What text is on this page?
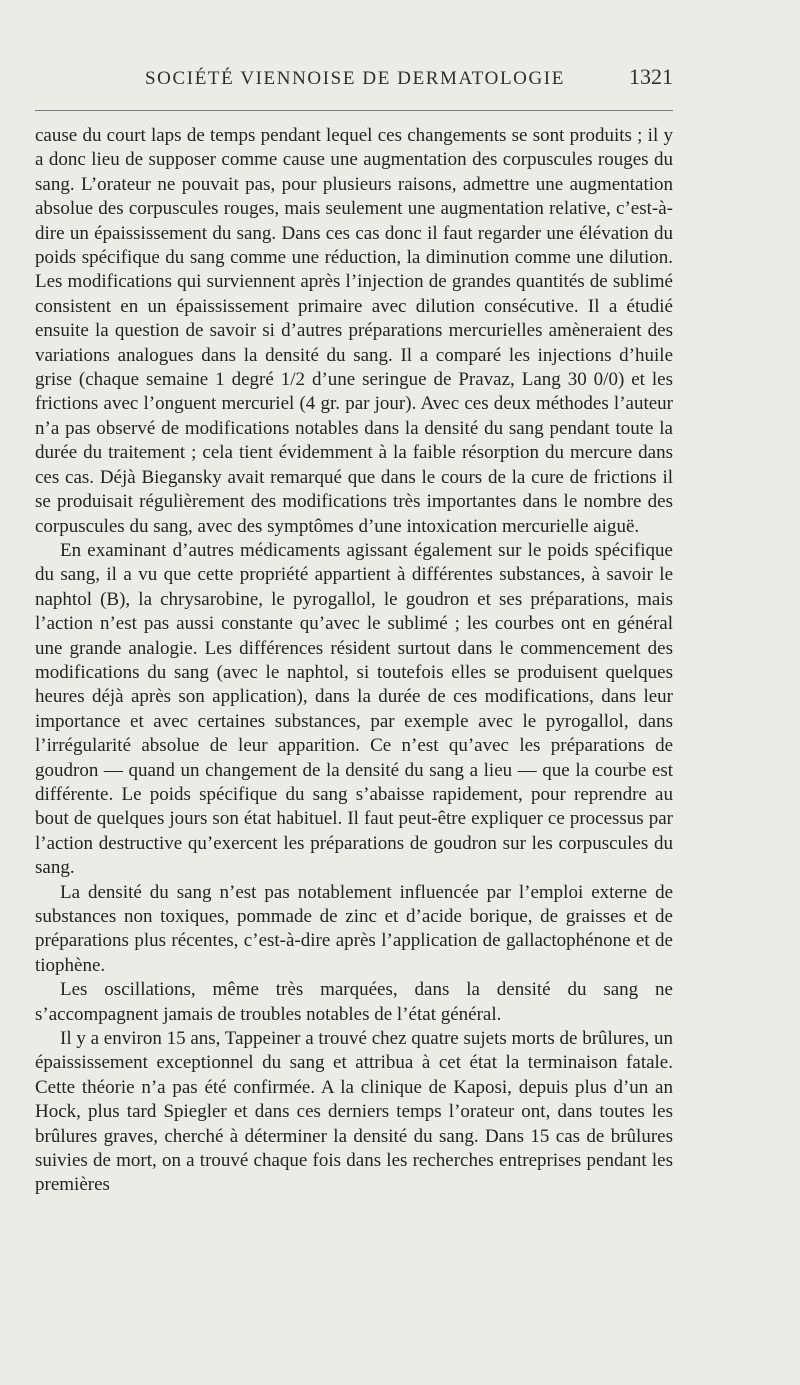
SOCIÉTÉ VIENNOISE DE DERMATOLOGIE	1321

cause du court laps de temps pendant lequel ces changements se sont produits ; il y a donc lieu de supposer comme cause une augmentation des corpuscules rouges du sang. L’orateur ne pouvait pas, pour plusieurs raisons, admettre une augmentation absolue des corpuscules rouges, mais seulement une augmentation relative, c’est-à-dire un épaississement du sang. Dans ces cas donc il faut regarder une élévation du poids spécifique du sang comme une réduction, la diminution comme une dilution. Les modifications qui surviennent après l’injection de grandes quantités de sublimé consistent en un épaississement primaire avec dilution consécutive. Il a étudié ensuite la question de savoir si d’autres préparations mercurielles amèneraient des variations analogues dans la densité du sang. Il a comparé les injections d’huile grise (chaque semaine 1 degré 1/2 d’une seringue de Pravaz, Lang 30 0/0) et les frictions avec l’onguent mercuriel (4 gr. par jour). Avec ces deux méthodes l’auteur n’a pas observé de modifications notables dans la densité du sang pendant toute la durée du traitement ; cela tient évidemment à la faible résorption du mercure dans ces cas. Déjà Biegansky avait remarqué que dans le cours de la cure de frictions il se produisait régulièrement des modifications très importantes dans le nombre des corpuscules du sang, avec des symptômes d’une intoxication mercurielle aiguë.

En examinant d’autres médicaments agissant également sur le poids spécifique du sang, il a vu que cette propriété appartient à différentes substances, à savoir le naphtol (B), la chrysarobine, le pyrogallol, le goudron et ses préparations, mais l’action n’est pas aussi constante qu’avec le sublimé ; les courbes ont en général une grande analogie. Les différences résident surtout dans le commencement des modifications du sang (avec le naphtol, si toutefois elles se produisent quelques heures déjà après son application), dans la durée de ces modifications, dans leur importance et avec certaines substances, par exemple avec le pyrogallol, dans l’irrégularité absolue de leur apparition. Ce n’est qu’avec les préparations de goudron — quand un changement de la densité du sang a lieu — que la courbe est différente. Le poids spécifique du sang s’abaisse rapidement, pour reprendre au bout de quelques jours son état habituel. Il faut peut-être expliquer ce processus par l’action destructive qu’exercent les préparations de goudron sur les corpuscules du sang.

La densité du sang n’est pas notablement influencée par l’emploi externe de substances non toxiques, pommade de zinc et d’acide borique, de graisses et de préparations plus récentes, c’est-à-dire après l’application de gallactophénone et de tiophène.

Les oscillations, même très marquées, dans la densité du sang ne s’accompagnent jamais de troubles notables de l’état général.

Il y a environ 15 ans, Tappeiner a trouvé chez quatre sujets morts de brûlures, un épaississement exceptionnel du sang et attribua à cet état la terminaison fatale. Cette théorie n’a pas été confirmée. A la clinique de Kaposi, depuis plus d’un an Hock, plus tard Spiegler et dans ces derniers temps l’orateur ont, dans toutes les brûlures graves, cherché à déterminer la densité du sang. Dans 15 cas de brûlures suivies de mort, on a trouvé chaque fois dans les recherches entreprises pendant les premières
